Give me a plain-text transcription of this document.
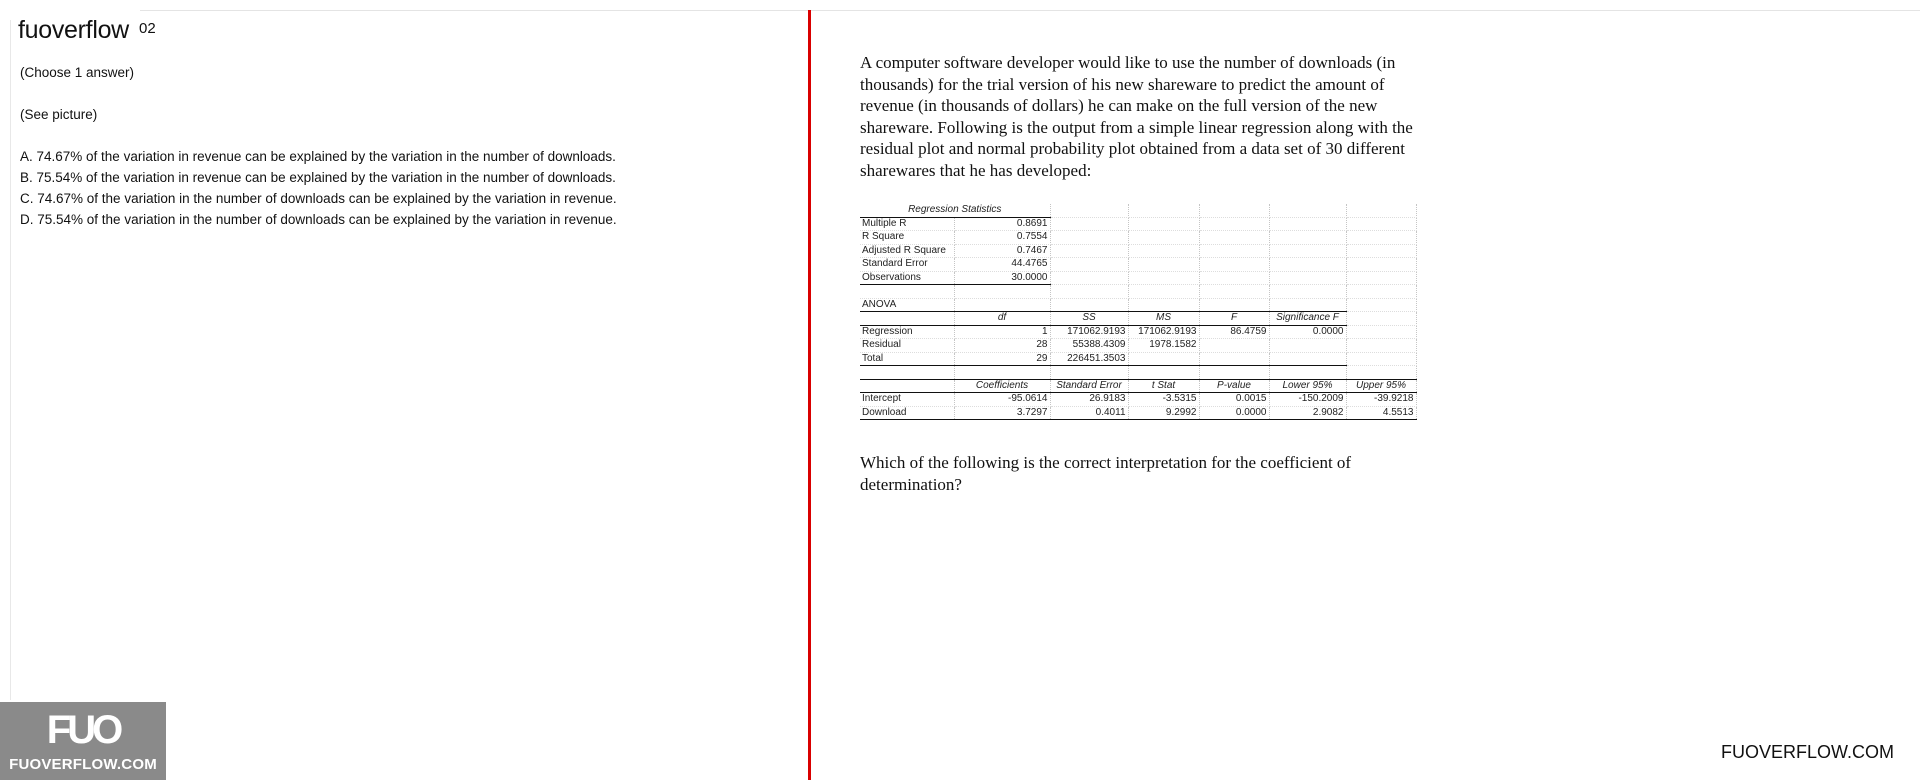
fuoverflow 02

(Choose 1 answer)

(See picture)

A. 74.67% of the variation in revenue can be explained by the variation in the number of downloads.

B. 75.54% of the variation in revenue can be explained by the variation in the number of downloads.

C. 74.67% of the variation in the number of downloads can be explained by the variation in revenue.

D. 75.54% of the variation in the number of downloads can be explained by the variation in revenue.

A computer software developer would like to use the number of downloads (in thousands) for the trial version of his new shareware to predict the amount of revenue (in thousands of dollars) he can make on the full version of the new shareware. Following is the output from a simple linear regression along with the residual plot and normal probability plot obtained from a data set of 30 different sharewares that he has developed:

Regression Statistics						
Multiple R	0.8691					
R Square	0.7554					
Adjusted R Square	0.7467					
Standard Error	44.4765					
Observations	30.0000					

ANOVA						
	df	SS	MS	F	Significance F	
Regression	1	171062.9193	171062.9193	86.4759	0.0000	
Residual	28	55388.4309	1978.1582			
Total	29	226451.3503				

	Coefficients	Standard Error	t Stat	P-value	Lower 95%	Upper 95%
Intercept	-95.0614	26.9183	-3.5315	0.0015	-150.2009	-39.9218
Download	3.7297	0.4011	9.2992	0.0000	2.9082	4.5513

Which of the following is the correct interpretation for the coefficient of determination?

FUO
FUOVERFLOW.COM
FUOVERFLOW.COM
